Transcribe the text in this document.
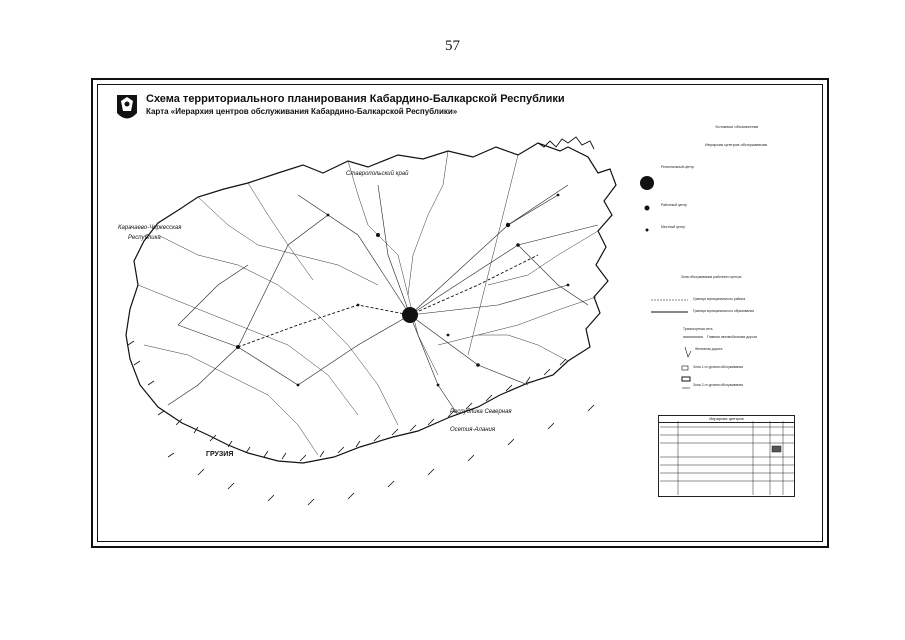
57
Схема территориального планирования Кабардино-Балкарской Республики
Карта «Иерархия центров обслуживания Кабардино-Балкарской Республики»
Ставропольский край
Карачаево-Черкесская
Республика
Республика Северная
Осетия-Алания
ГРУЗИЯ
Условные обозначения
Иерархия центров обслуживания
Региональный центр
Районный центр
Местный центр
Зона обслуживания районного центра
Граница муниципального района
Граница муниципального образования
Транспортная сеть
Главная автомобильная дорога
Железная дорога
Зона 1-го уровня обслуживания
Зона 2-го уровня обслуживания
Иерархия центров
